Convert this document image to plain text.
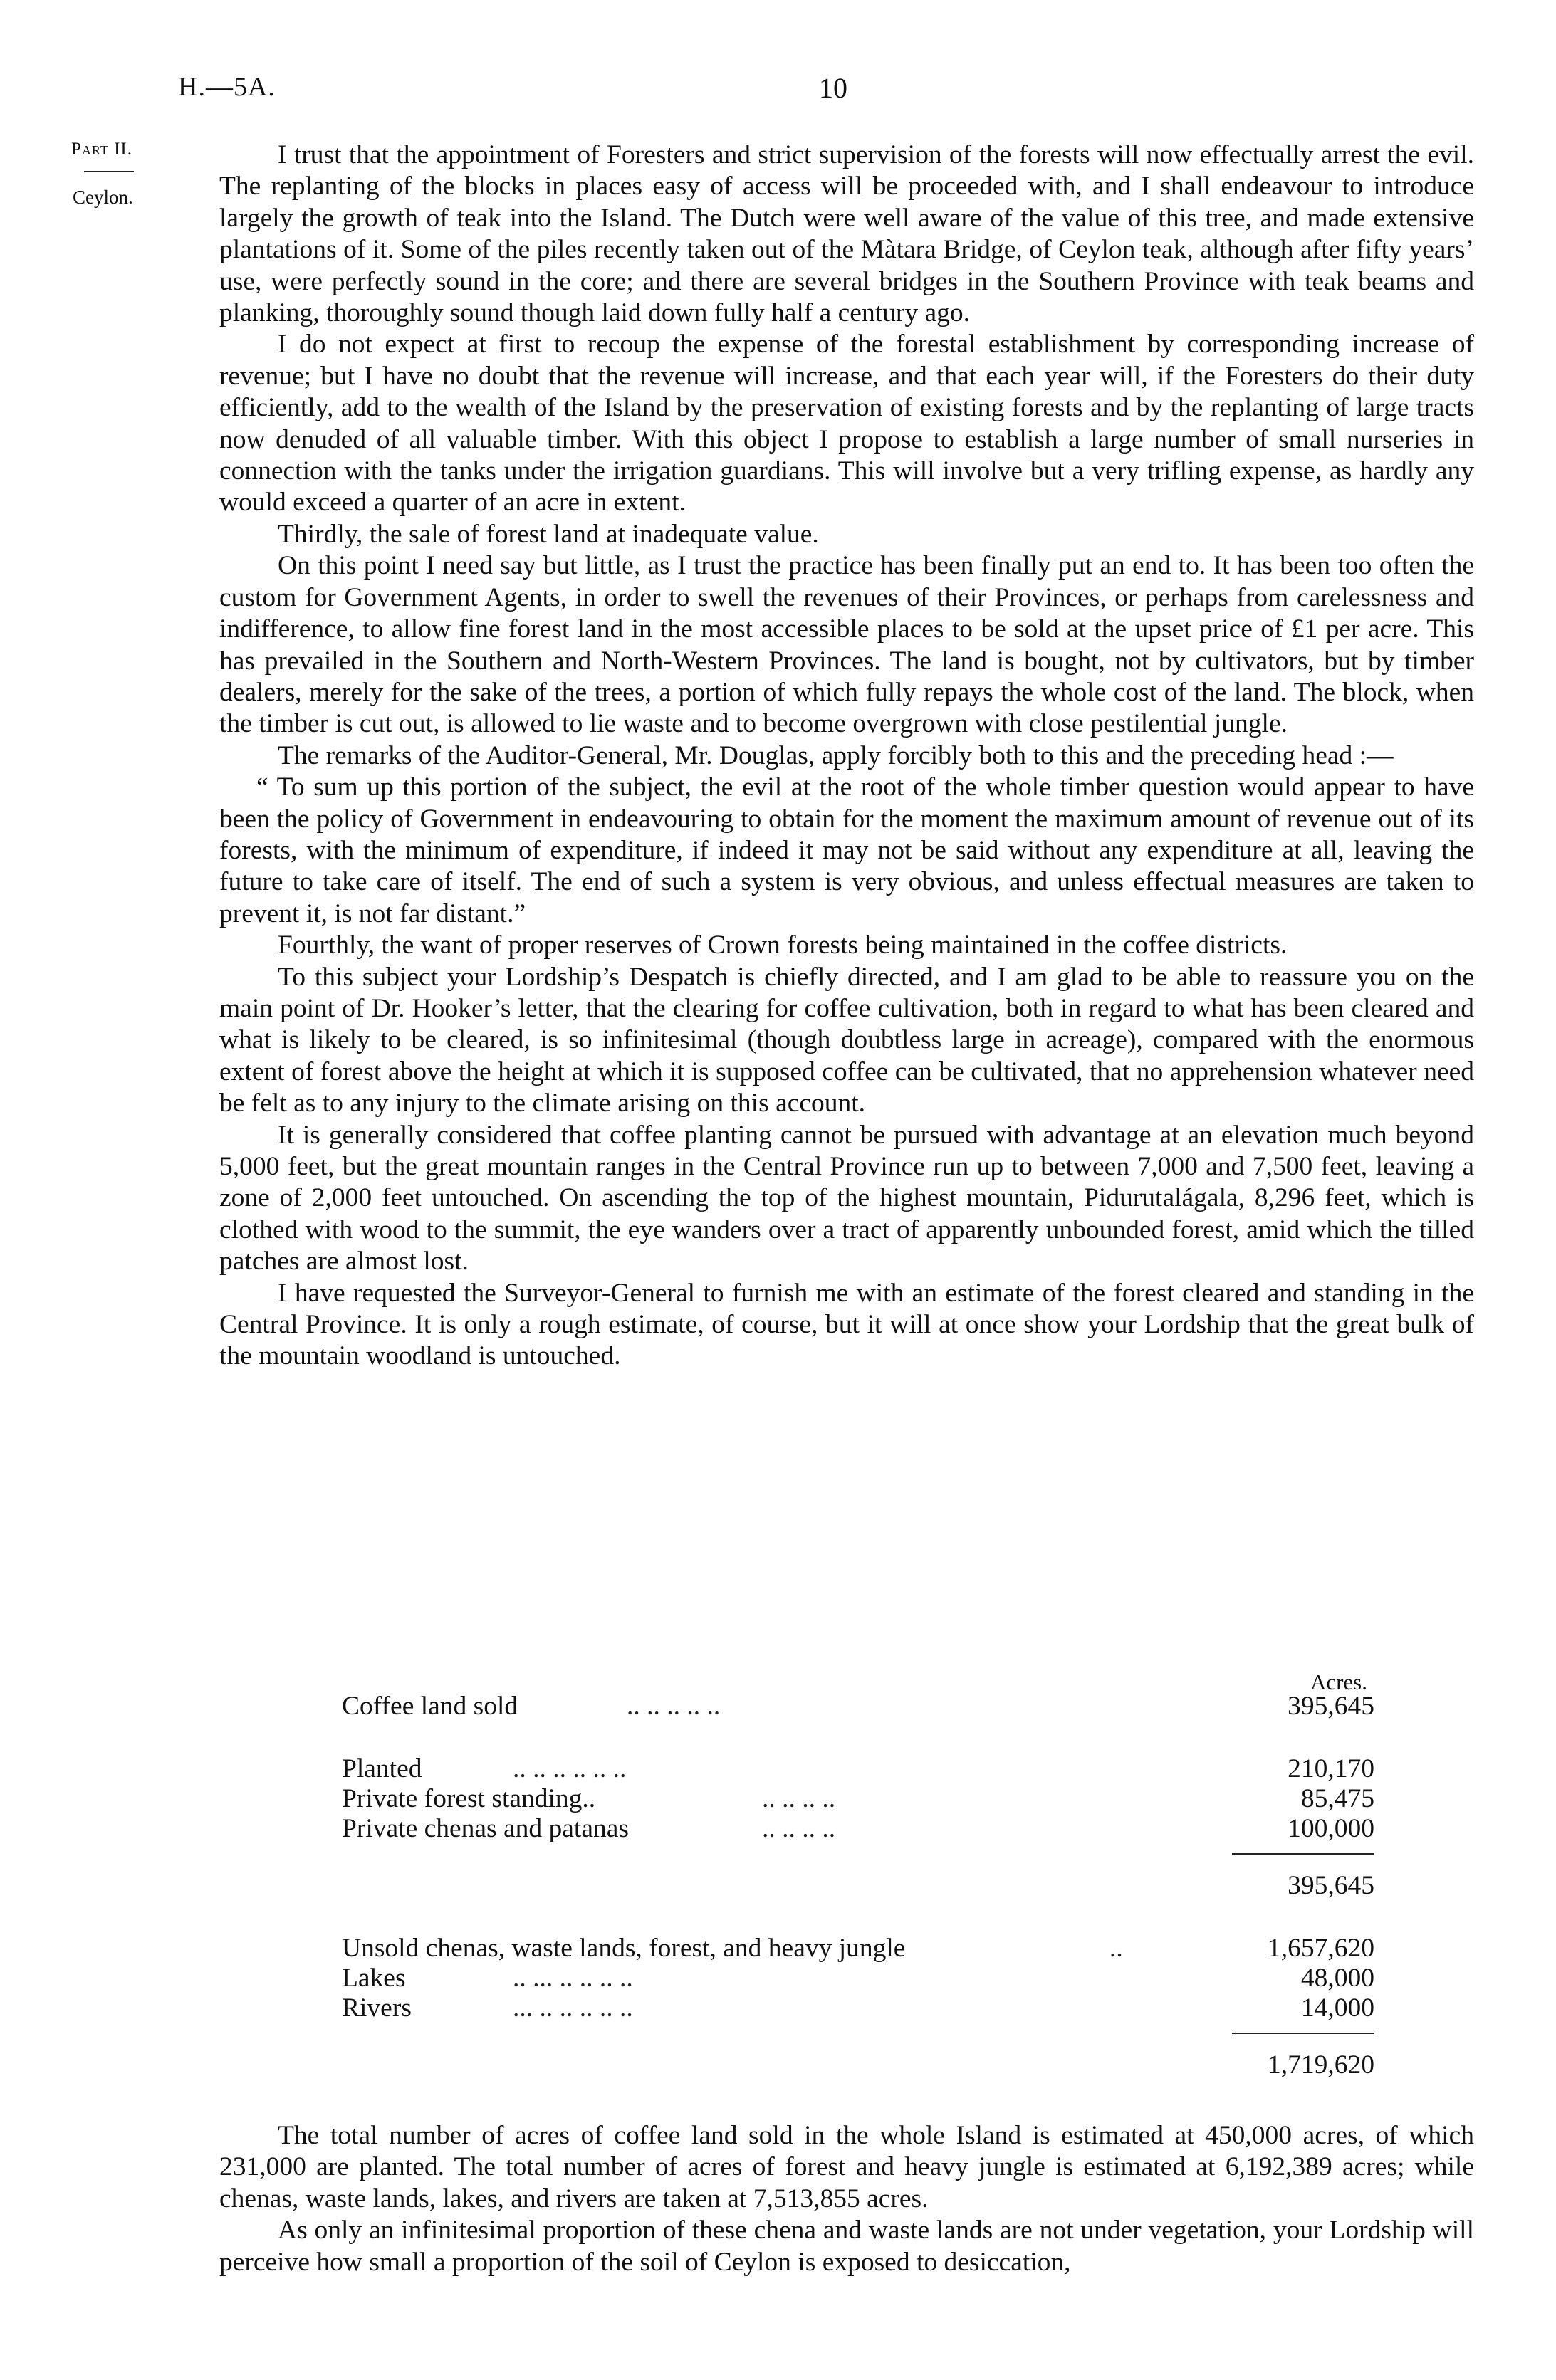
H.—5A.	10
Part II.
Ceylon.

I trust that the appointment of Foresters and strict supervision of the forests will now effectually arrest the evil. The replanting of the blocks in places easy of access will be proceeded with, and I shall endeavour to introduce largely the growth of teak into the Island. The Dutch were well aware of the value of this tree, and made extensive plantations of it. Some of the piles recently taken out of the Màtara Bridge, of Ceylon teak, although after fifty years’ use, were perfectly sound in the core; and there are several bridges in the Southern Province with teak beams and planking, thoroughly sound though laid down fully half a century ago.

I do not expect at first to recoup the expense of the forestal establishment by corresponding increase of revenue; but I have no doubt that the revenue will increase, and that each year will, if the Foresters do their duty efficiently, add to the wealth of the Island by the preservation of existing forests and by the replanting of large tracts now denuded of all valuable timber. With this object I propose to establish a large number of small nurseries in connection with the tanks under the irrigation guardians. This will involve but a very trifling expense, as hardly any would exceed a quarter of an acre in extent.

Thirdly, the sale of forest land at inadequate value.

On this point I need say but little, as I trust the practice has been finally put an end to. It has been too often the custom for Government Agents, in order to swell the revenues of their Provinces, or perhaps from carelessness and indifference, to allow fine forest land in the most accessible places to be sold at the upset price of £1 per acre. This has prevailed in the Southern and North-Western Provinces. The land is bought, not by cultivators, but by timber dealers, merely for the sake of the trees, a portion of which fully repays the whole cost of the land. The block, when the timber is cut out, is allowed to lie waste and to become overgrown with close pestilential jungle.

The remarks of the Auditor-General, Mr. Douglas, apply forcibly both to this and the preceding head :—

“ To sum up this portion of the subject, the evil at the root of the whole timber question would appear to have been the policy of Government in endeavouring to obtain for the moment the maximum amount of revenue out of its forests, with the minimum of expenditure, if indeed it may not be said without any expenditure at all, leaving the future to take care of itself. The end of such a system is very obvious, and unless effectual measures are taken to prevent it, is not far distant.”

Fourthly, the want of proper reserves of Crown forests being maintained in the coffee districts.

To this subject your Lordship’s Despatch is chiefly directed, and I am glad to be able to reassure you on the main point of Dr. Hooker’s letter, that the clearing for coffee cultivation, both in regard to what has been cleared and what is likely to be cleared, is so infinitesimal (though doubtless large in acreage), compared with the enormous extent of forest above the height at which it is supposed coffee can be cultivated, that no apprehension whatever need be felt as to any injury to the climate arising on this account.

It is generally considered that coffee planting cannot be pursued with advantage at an elevation much beyond 5,000 feet, but the great mountain ranges in the Central Province run up to between 7,000 and 7,500 feet, leaving a zone of 2,000 feet untouched. On ascending the top of the highest mountain, Pidurutalágala, 8,296 feet, which is clothed with wood to the summit, the eye wanders over a tract of apparently unbounded forest, amid which the tilled patches are almost lost.

I have requested the Surveyor-General to furnish me with an estimate of the forest cleared and standing in the Central Province. It is only a rough estimate, of course, but it will at once show your Lordship that the great bulk of the mountain woodland is untouched.

Acres.
Coffee land sold	.. .. .. .. ..	395,645
Planted	.. .. .. .. .. ..	210,170
Private forest standing..	.. .. .. ..	85,475
Private chenas and patanas	.. .. .. ..	100,000
395,645
Unsold chenas, waste lands, forest, and heavy jungle	..	1,657,620
Lakes	.. ... .. .. .. ..	48,000
Rivers	... .. .. .. .. ..	14,000
1,719,620

The total number of acres of coffee land sold in the whole Island is estimated at 450,000 acres, of which 231,000 are planted. The total number of acres of forest and heavy jungle is estimated at 6,192,389 acres; while chenas, waste lands, lakes, and rivers are taken at 7,513,855 acres.

As only an infinitesimal proportion of these chena and waste lands are not under vegetation, your Lordship will perceive how small a proportion of the soil of Ceylon is exposed to desiccation,
